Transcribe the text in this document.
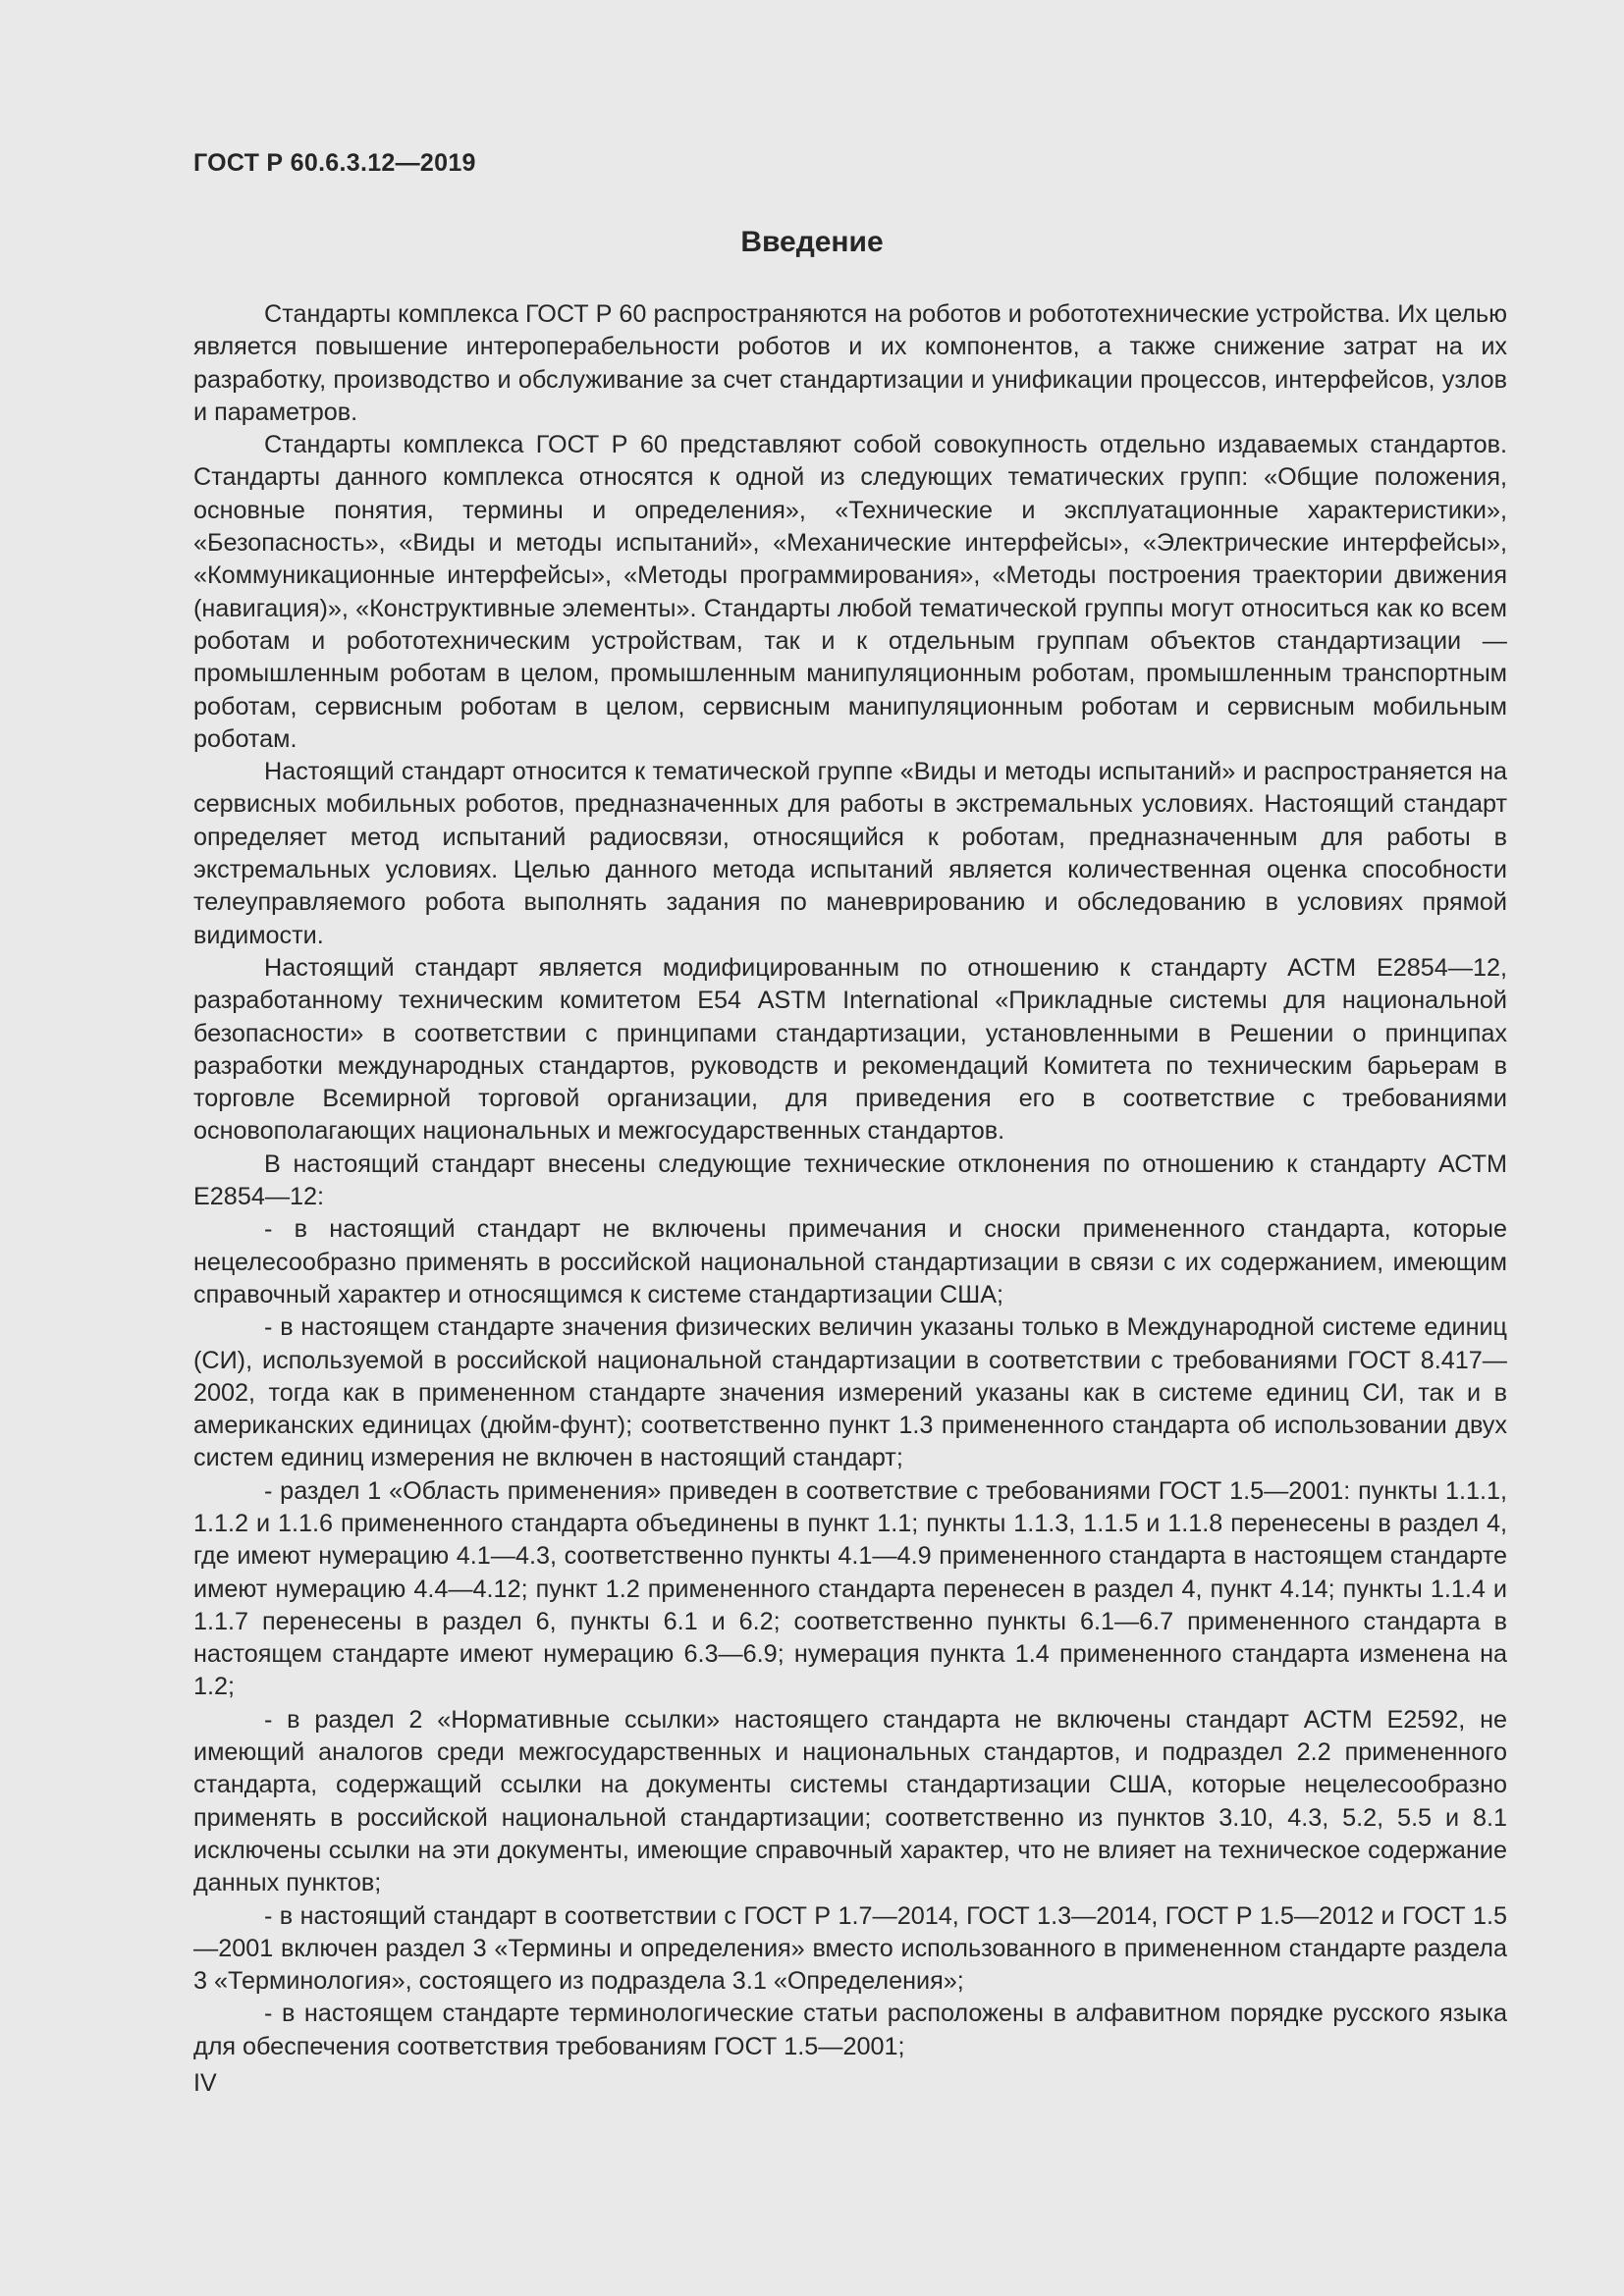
ГОСТ Р 60.6.3.12—2019
Введение

Стандарты комплекса ГОСТ Р 60 распространяются на роботов и робототехнические устройства. Их целью является повышение интероперабельности роботов и их компонентов, а также снижение затрат на их разработку, производство и обслуживание за счет стандартизации и унификации процессов, интерфейсов, узлов и параметров.

Стандарты комплекса ГОСТ Р 60 представляют собой совокупность отдельно издаваемых стандартов. Стандарты данного комплекса относятся к одной из следующих тематических групп: «Общие положения, основные понятия, термины и определения», «Технические и эксплуатационные характеристики», «Безопасность», «Виды и методы испытаний», «Механические интерфейсы», «Электрические интерфейсы», «Коммуникационные интерфейсы», «Методы программирования», «Методы построения траектории движения (навигация)», «Конструктивные элементы». Стандарты любой тематической группы могут относиться как ко всем роботам и робототехническим устройствам, так и к отдельным группам объектов стандартизации — промышленным роботам в целом, промышленным манипуляционным роботам, промышленным транспортным роботам, сервисным роботам в целом, сервисным манипуляционным роботам и сервисным мобильным роботам.

Настоящий стандарт относится к тематической группе «Виды и методы испытаний» и распространяется на сервисных мобильных роботов, предназначенных для работы в экстремальных условиях. Настоящий стандарт определяет метод испытаний радиосвязи, относящийся к роботам, предназначенным для работы в экстремальных условиях. Целью данного метода испытаний является количественная оценка способности телеуправляемого робота выполнять задания по маневрированию и обследованию в условиях прямой видимости.

Настоящий стандарт является модифицированным по отношению к стандарту АСТМ Е2854—12, разработанному техническим комитетом Е54 ASTM International «Прикладные системы для национальной безопасности» в соответствии с принципами стандартизации, установленными в Решении о принципах разработки международных стандартов, руководств и рекомендаций Комитета по техническим барьерам в торговле Всемирной торговой организации, для приведения его в соответствие с требованиями основополагающих национальных и межгосударственных стандартов.

В настоящий стандарт внесены следующие технические отклонения по отношению к стандарту АСТМ Е2854—12:

- в настоящий стандарт не включены примечания и сноски примененного стандарта, которые нецелесообразно применять в российской национальной стандартизации в связи с их содержанием, имеющим справочный характер и относящимся к системе стандартизации США;

- в настоящем стандарте значения физических величин указаны только в Международной системе единиц (СИ), используемой в российской национальной стандартизации в соответствии с требованиями ГОСТ 8.417—2002, тогда как в примененном стандарте значения измерений указаны как в системе единиц СИ, так и в американских единицах (дюйм-фунт); соответственно пункт 1.3 примененного стандарта об использовании двух систем единиц измерения не включен в настоящий стандарт;

- раздел 1 «Область применения» приведен в соответствие с требованиями ГОСТ 1.5—2001: пункты 1.1.1, 1.1.2 и 1.1.6 примененного стандарта объединены в пункт 1.1; пункты 1.1.3, 1.1.5 и 1.1.8 перенесены в раздел 4, где имеют нумерацию 4.1—4.3, соответственно пункты 4.1—4.9 примененного стандарта в настоящем стандарте имеют нумерацию 4.4—4.12; пункт 1.2 примененного стандарта перенесен в раздел 4, пункт 4.14; пункты 1.1.4 и 1.1.7 перенесены в раздел 6, пункты 6.1 и 6.2; соответственно пункты 6.1—6.7 примененного стандарта в настоящем стандарте имеют нумерацию 6.3—6.9; нумерация пункта 1.4 примененного стандарта изменена на 1.2;

- в раздел 2 «Нормативные ссылки» настоящего стандарта не включены стандарт АСТМ Е2592, не имеющий аналогов среди межгосударственных и национальных стандартов, и подраздел 2.2 примененного стандарта, содержащий ссылки на документы системы стандартизации США, которые нецелесообразно применять в российской национальной стандартизации; соответственно из пунктов 3.10, 4.3, 5.2, 5.5 и 8.1 исключены ссылки на эти документы, имеющие справочный характер, что не влияет на техническое содержание данных пунктов;

- в настоящий стандарт в соответствии с ГОСТ Р 1.7—2014, ГОСТ 1.3—2014, ГОСТ Р 1.5—2012 и ГОСТ 1.5—2001 включен раздел 3 «Термины и определения» вместо использованного в примененном стандарте раздела 3 «Терминология», состоящего из подраздела 3.1 «Определения»;

- в настоящем стандарте терминологические статьи расположены в алфавитном порядке русского языка для обеспечения соответствия требованиям ГОСТ 1.5—2001;

IV
